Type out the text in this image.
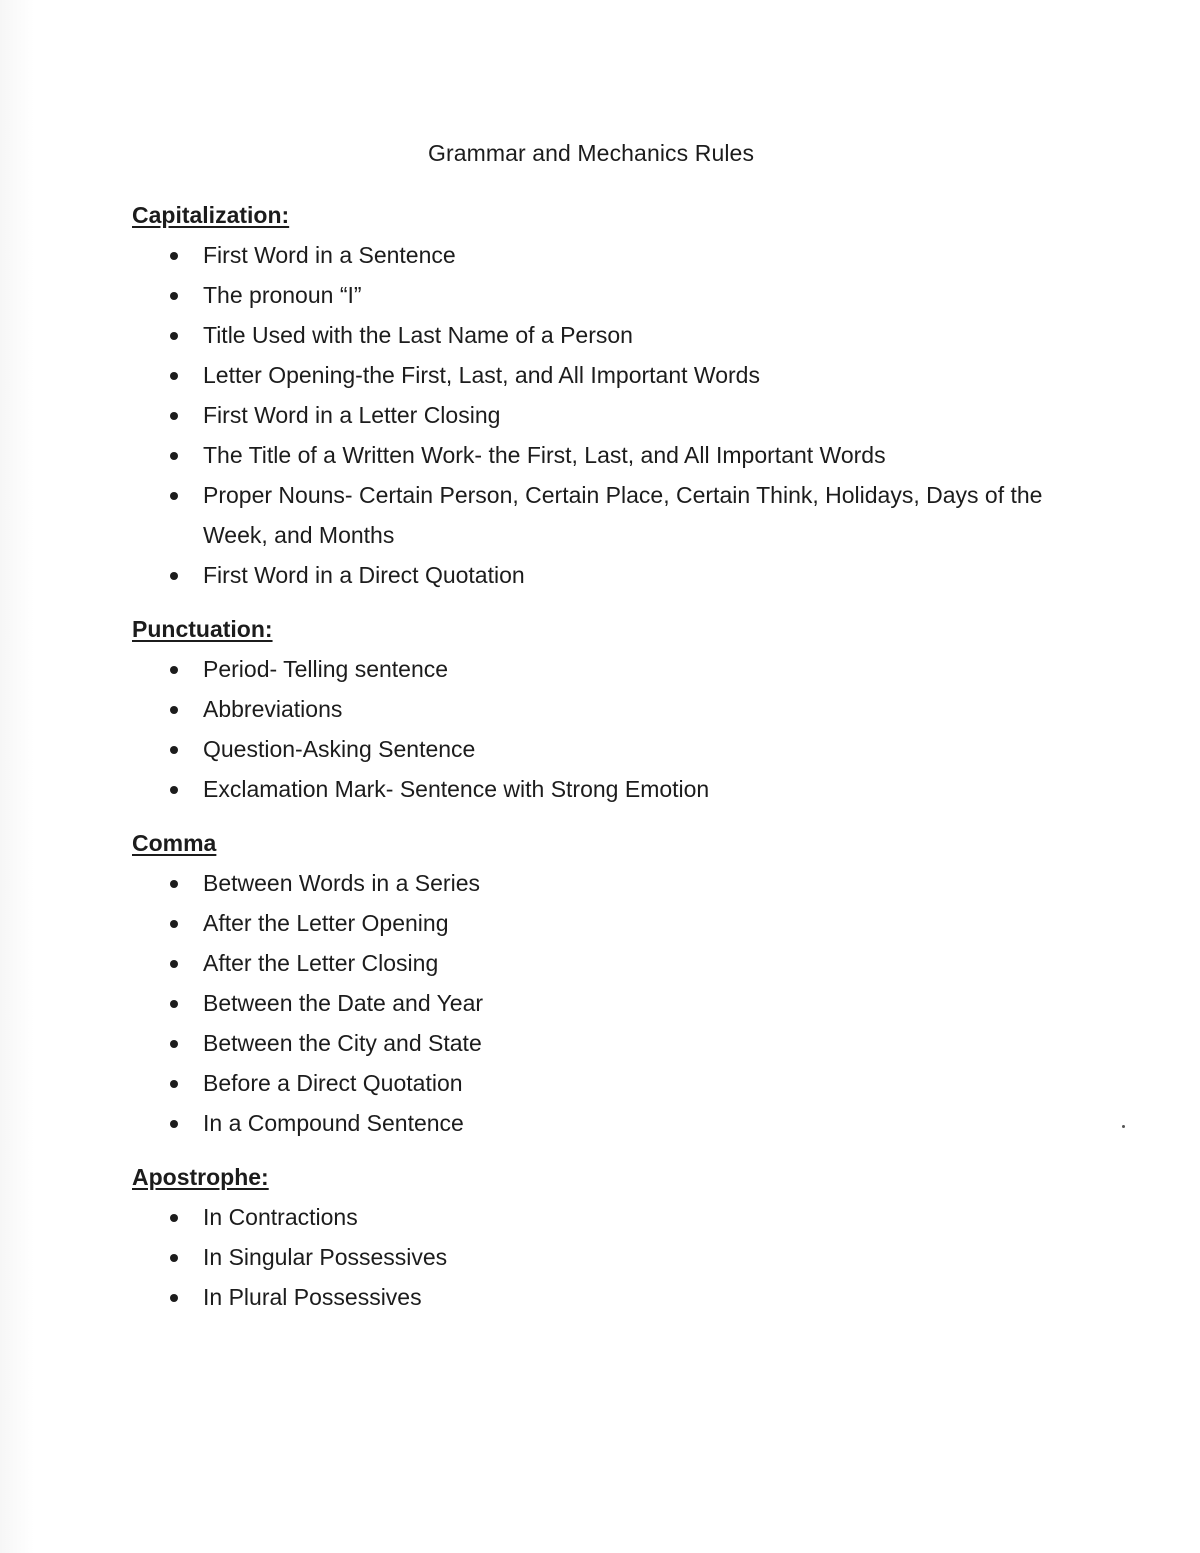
Grammar and Mechanics Rules
Capitalization:
First Word in a Sentence
The pronoun “I”
Title Used with the Last Name of a Person
Letter Opening-the First, Last, and All Important Words
First Word in a Letter Closing
The Title of a Written Work- the First, Last, and All Important Words
Proper Nouns- Certain Person, Certain Place, Certain Think, Holidays, Days of the Week, and Months
First Word in a Direct Quotation
Punctuation:
Period- Telling sentence
Abbreviations
Question-Asking Sentence
Exclamation Mark- Sentence with Strong Emotion
Comma
Between Words in a Series
After the Letter Opening
After the Letter Closing
Between the Date and Year
Between the City and State
Before a Direct Quotation
In a Compound Sentence
Apostrophe:
In Contractions
In Singular Possessives
In Plural Possessives
